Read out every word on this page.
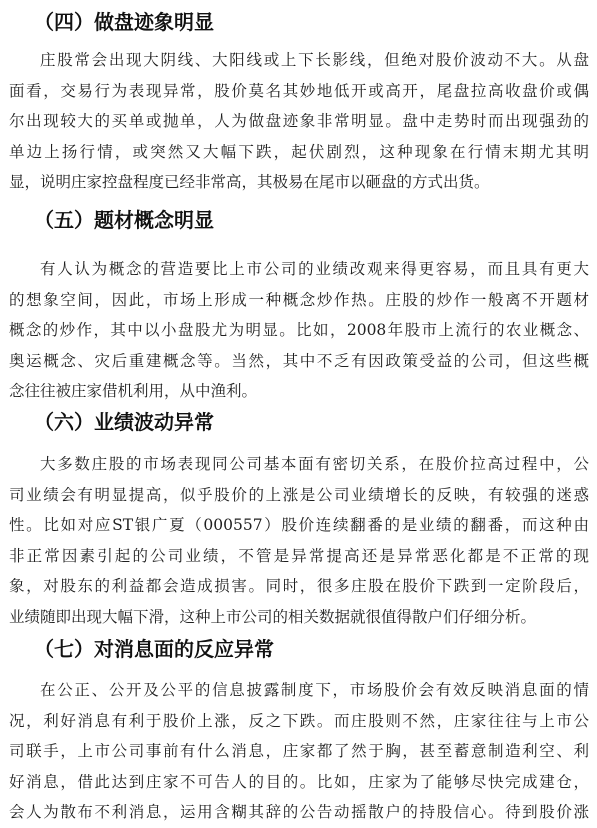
（四）做盘迹象明显
庄股常会出现大阴线、大阳线或上下长影线，但绝对股价波动不大。从盘
面看，交易行为表现异常，股价莫名其妙地低开或高开，尾盘拉高收盘价或偶
尔出现较大的买单或抛单，人为做盘迹象非常明显。盘中走势时而出现强劲的
单边上扬行情，或突然又大幅下跌，起伏剧烈，这种现象在行情末期尤其明
显，说明庄家控盘程度已经非常高，其极易在尾市以砸盘的方式出货。
（五）题材概念明显
有人认为概念的营造要比上市公司的业绩改观来得更容易，而且具有更大
的想象空间，因此，市场上形成一种概念炒作热。庄股的炒作一般离不开题材
概念的炒作，其中以小盘股尤为明显。比如，2008年股市上流行的农业概念、
奥运概念、灾后重建概念等。当然，其中不乏有因政策受益的公司，但这些概
念往往被庄家借机利用，从中渔利。
（六）业绩波动异常
大多数庄股的市场表现同公司基本面有密切关系，在股价拉高过程中，公
司业绩会有明显提高，似乎股价的上涨是公司业绩增长的反映，有较强的迷惑
性。比如对应ST银广夏（000557）股价连续翻番的是业绩的翻番，而这种由
非正常因素引起的公司业绩，不管是异常提高还是异常恶化都是不正常的现
象，对股东的利益都会造成损害。同时，很多庄股在股价下跌到一定阶段后，
业绩随即出现大幅下滑，这种上市公司的相关数据就很值得散户们仔细分析。
（七）对消息面的反应异常
在公正、公开及公平的信息披露制度下，市场股价会有效反映消息面的情
况，利好消息有利于股价上涨，反之下跌。而庄股则不然，庄家往往与上市公
司联手，上市公司事前有什么消息，庄家都了然于胸，甚至蓄意制造利空、利
好消息，借此达到庄家不可告人的目的。比如，庄家为了能够尽快完成建仓，
会人为散布不利消息，运用含糊其辞的公告动摇散户的持股信心。待到股价涨
